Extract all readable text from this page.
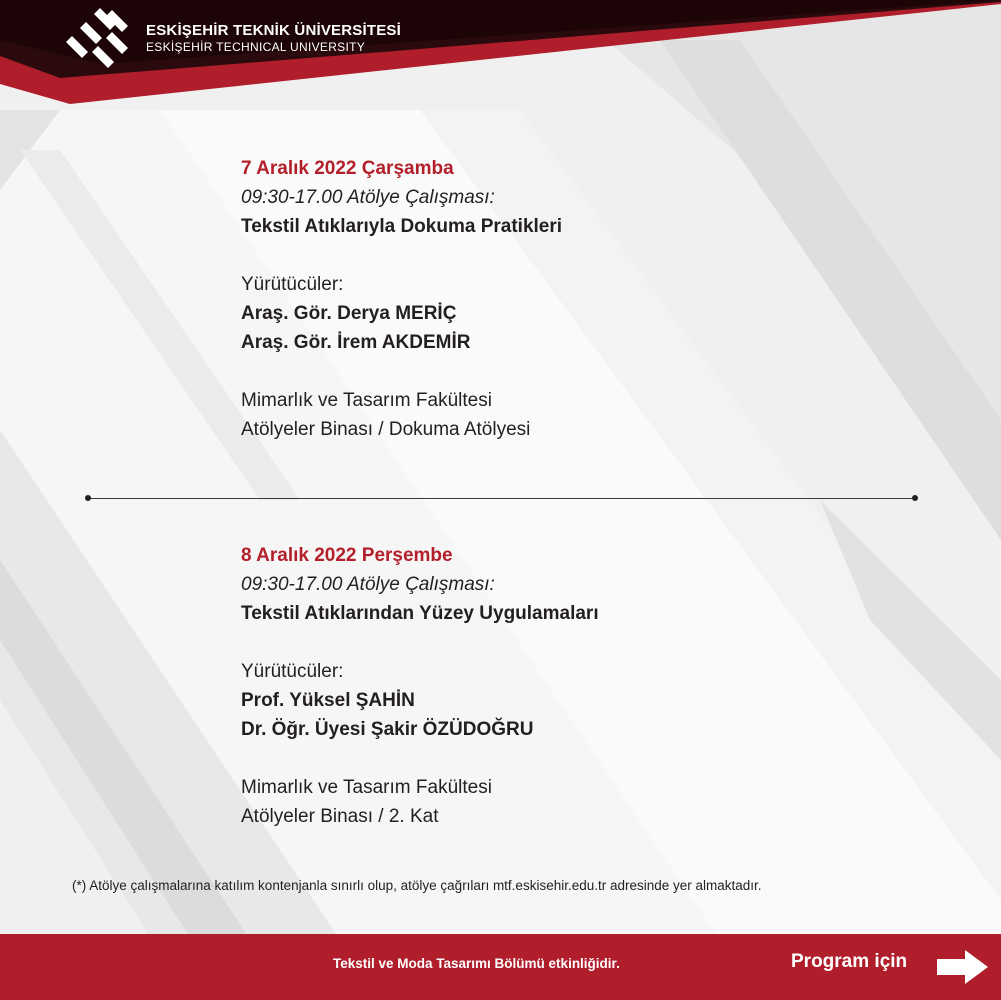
ESKİŞEHİR TEKNİK ÜNİVERSİTESİ
ESKİŞEHİR TECHNICAL UNIVERSITY
7 Aralık 2022 Çarşamba
09:30-17.00 Atölye Çalışması:
Tekstil Atıklarıyla Dokuma Pratikleri
Yürütücüler:
Araş. Gör. Derya MERİÇ
Araş. Gör. İrem AKDEMİR
Mimarlık ve Tasarım Fakültesi
Atölyeler Binası / Dokuma Atölyesi
8 Aralık 2022 Perşembe
09:30-17.00 Atölye Çalışması:
Tekstil Atıklarından Yüzey Uygulamaları
Yürütücüler:
Prof. Yüksel ŞAHİN
Dr. Öğr. Üyesi Şakir ÖZÜDOĞRU
Mimarlık ve Tasarım Fakültesi
Atölyeler Binası / 2. Kat
(*) Atölye çalışmalarına katılım kontenjanla sınırlı olup, atölye çağrıları mtf.eskisehir.edu.tr adresinde yer almaktadır.
Tekstil ve Moda Tasarımı Bölümü etkinliğidir.	Program için
